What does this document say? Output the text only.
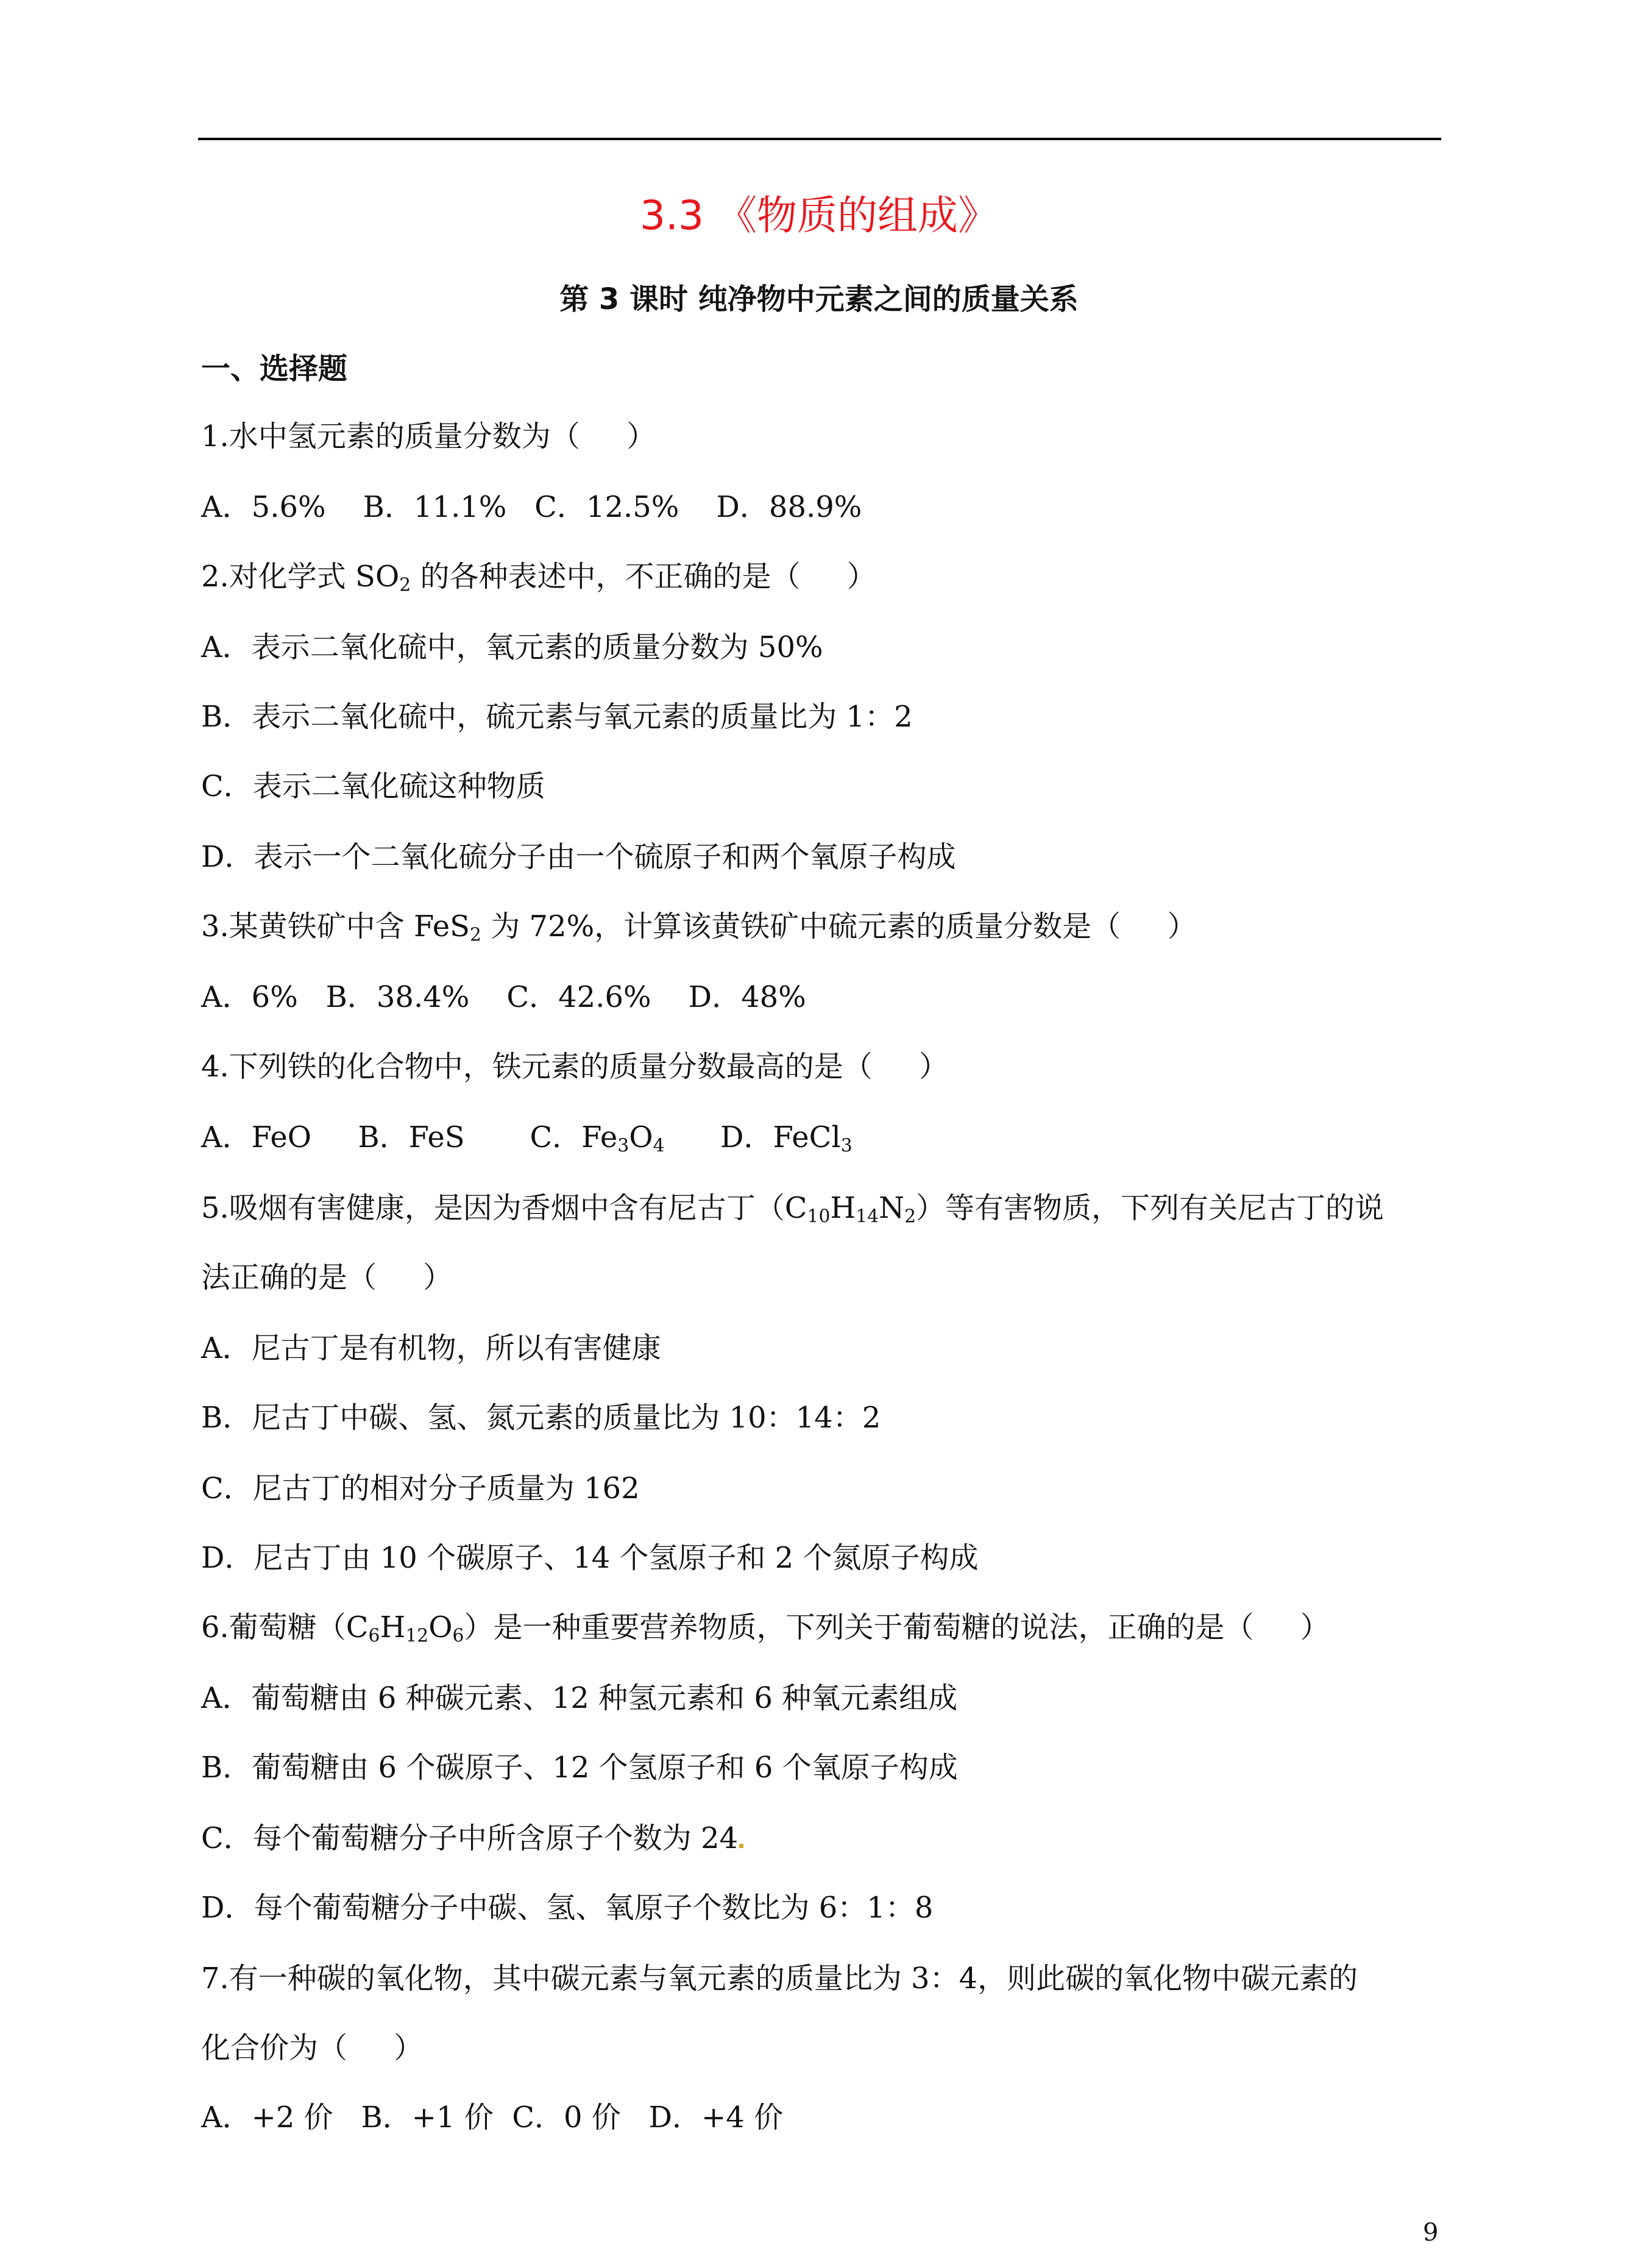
3.3 《物质的组成》
第 3 课时 纯净物中元素之间的质量关系
一、选择题
1.水中氢元素的质量分数为（     ）
A．5.6%    B．11.1%   C．12.5%    D．88.9%
2.对化学式 $SO_2$ 的各种表述中，不正确的是（     ）
A．表示二氧化硫中，氧元素的质量分数为 50%
B．表示二氧化硫中，硫元素与氧元素的质量比为 1：2
C．表示二氧化硫这种物质
D．表示一个二氧化硫分子由一个硫原子和两个氧原子构成
3.某黄铁矿中含 FeS$_2$ 为 72%，计算该黄铁矿中硫元素的质量分数是（     ）
A．6%   B．38.4%    C．42.6%    D．48%
4.下列铁的化合物中，铁元素的质量分数最高的是（     ）
A．FeO     B．FeS       C．$Fe_3O_4$      D．FeCl$_3$
5.吸烟有害健康，是因为香烟中含有尼古丁$(C_{10}H_{14}N_2)$等有害物质，下列有关尼古丁的说
法正确的是（     ）
A．尼古丁是有机物，所以有害健康
B．尼古丁中碳、氢、氮元素的质量比为 10：14：2
C．尼古丁的相对分子质量为 162
D．尼古丁由 10 个碳原子、14 个氢原子和 2 个氮原子构成
6.葡萄糖$(C_6H_{12}O_6)$是一种重要营养物质，下列关于葡萄糖的说法，正确的是（     ）
A．葡萄糖由 6 种碳元素、12 种氢元素和 6 种氧元素组成
B．葡萄糖由 6 个碳原子、12 个氢原子和 6 个氧原子构成
C．每个葡萄糖分子中所含原子个数为 24
D．每个葡萄糖分子中碳、氢、氧原子个数比为 6：1：8
7.有一种碳的氧化物，其中碳元素与氧元素的质量比为 3：4，则此碳的氧化物中碳元素的
化合价为（     ）
A．+2 价   B．+1 价  C．0 价   D．+4 价
9
